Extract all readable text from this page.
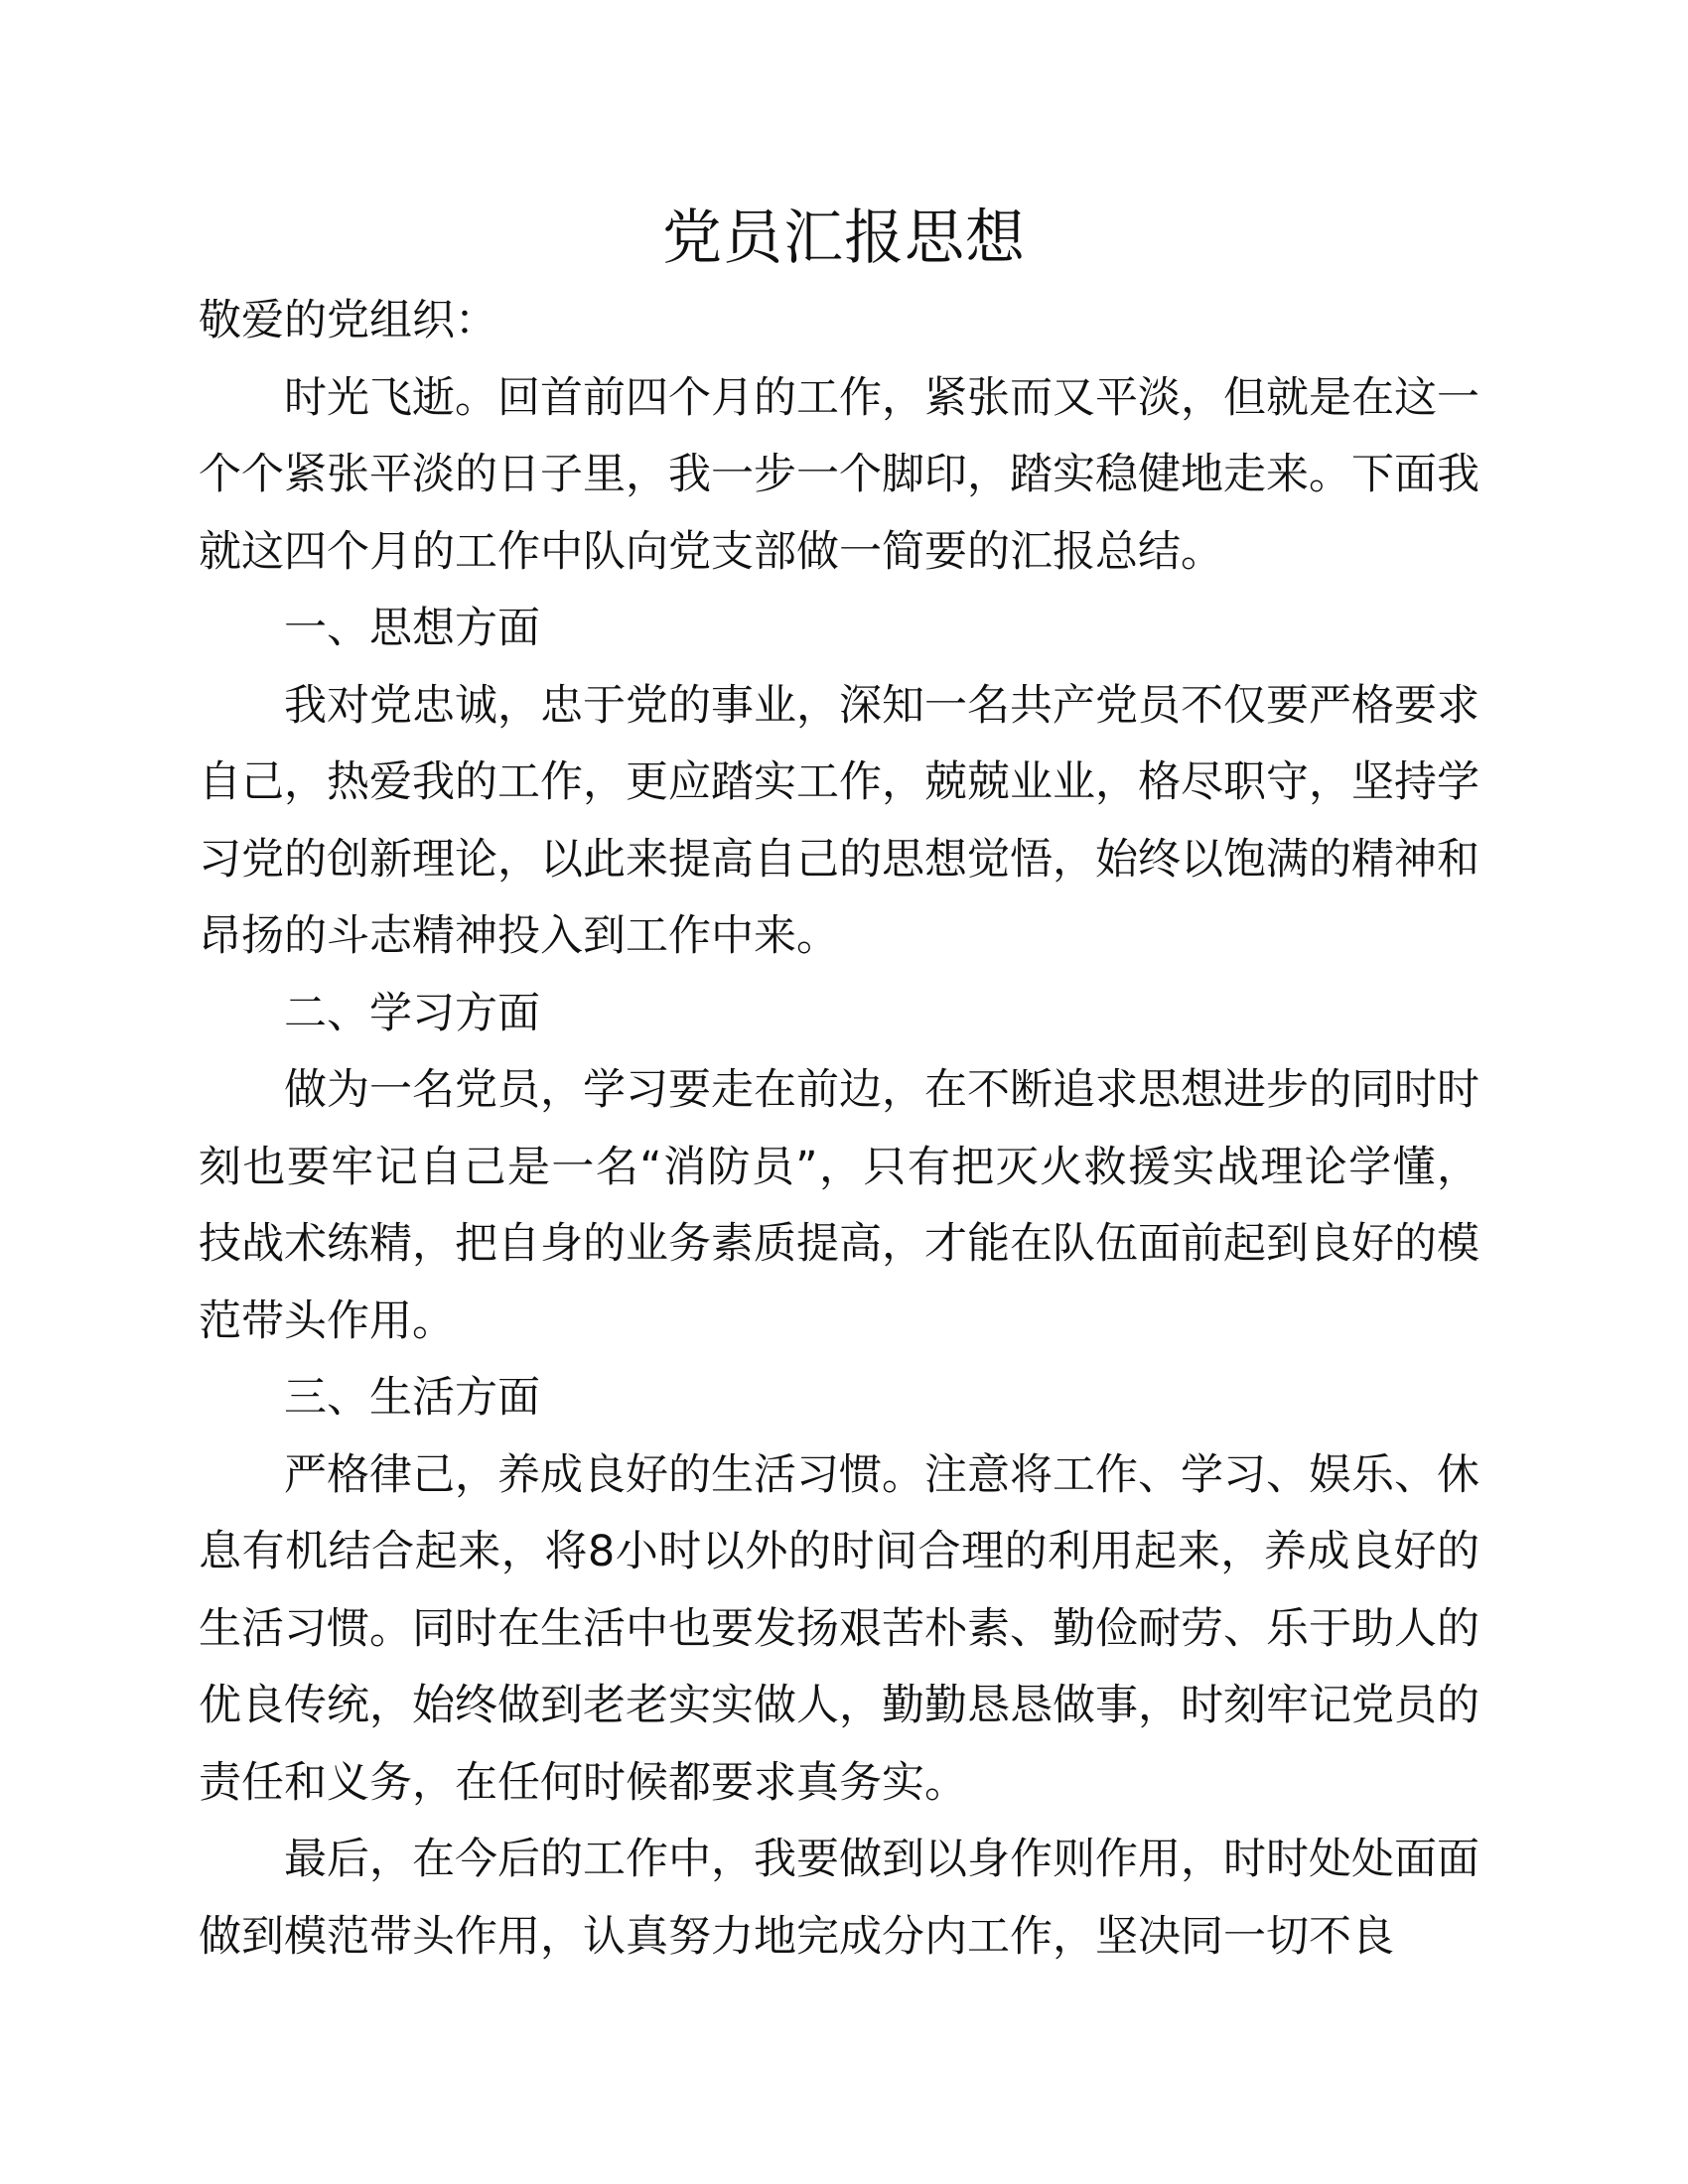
党员汇报思想

敬爱的党组织：

时光飞逝。回首前四个月的工作，紧张而又平淡，但就是在这一个个紧张平淡的日子里，我一步一个脚印，踏实稳健地走来。下面我就这四个月的工作中队向党支部做一简要的汇报总结。

一、思想方面

我对党忠诚，忠于党的事业，深知一名共产党员不仅要严格要求自己，热爱我的工作，更应踏实工作，兢兢业业，格尽职守，坚持学习党的创新理论，以此来提高自己的思想觉悟，始终以饱满的精神和昂扬的斗志精神投入到工作中来。

二、学习方面

做为一名党员，学习要走在前边，在不断追求思想进步的同时时刻也要牢记自己是一名“消防员”，只有把灭火救援实战理论学懂，技战术练精，把自身的业务素质提高，才能在队伍面前起到良好的模范带头作用。

三、生活方面

严格律己，养成良好的生活习惯。注意将工作、学习、娱乐、休息有机结合起来，将8小时以外的时间合理的利用起来，养成良好的生活习惯。同时在生活中也要发扬艰苦朴素、勤俭耐劳、乐于助人的优良传统，始终做到老老实实做人，勤勤恳恳做事，时刻牢记党员的责任和义务，在任何时候都要求真务实。

最后，在今后的工作中，我要做到以身作则作用，时时处处面面做到模范带头作用，认真努力地完成分内工作，坚决同一切不良
